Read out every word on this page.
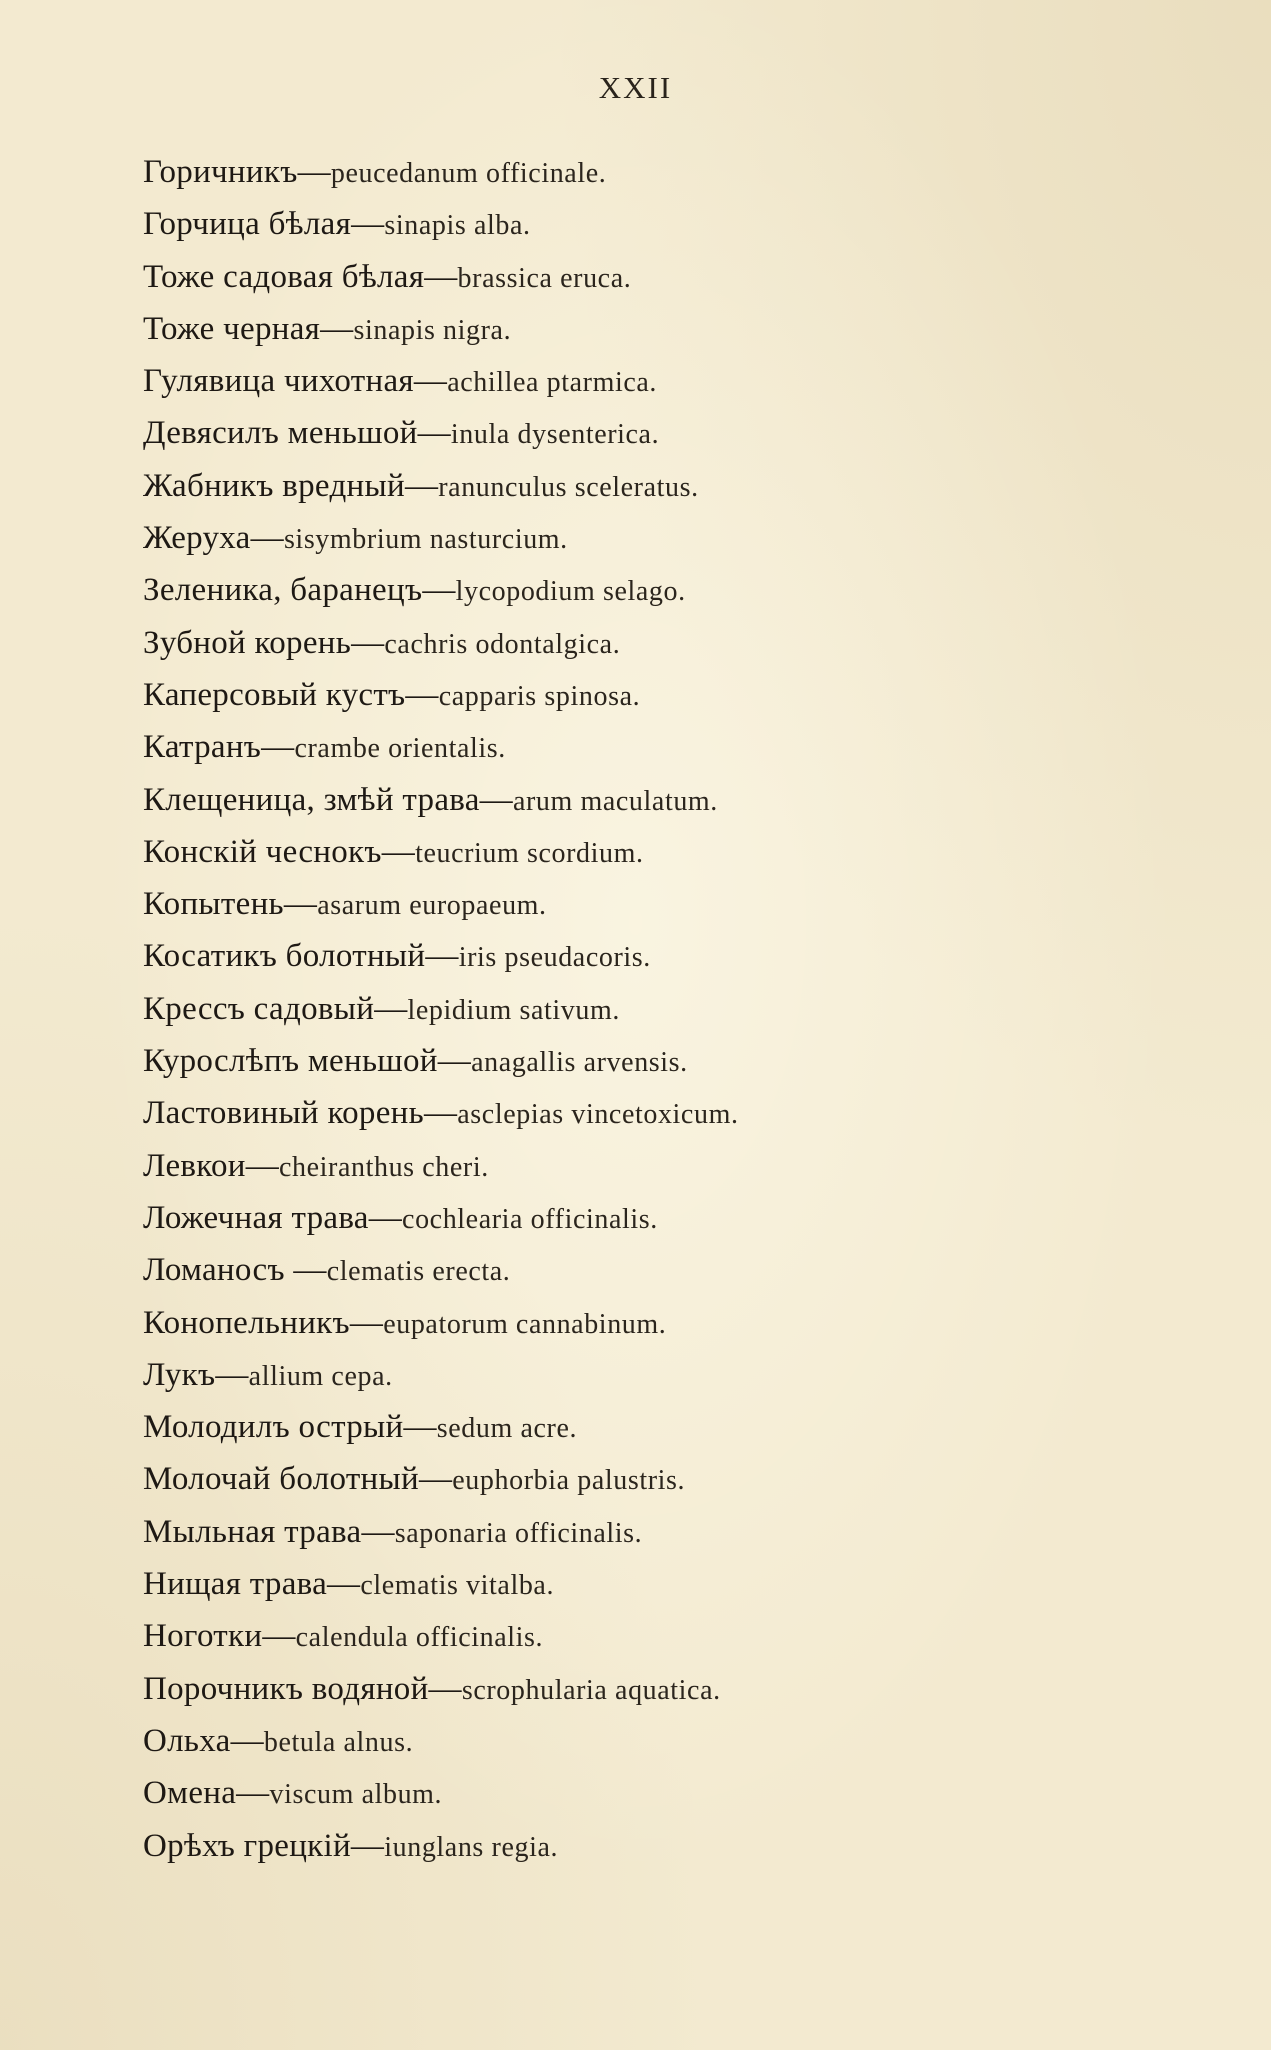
XXII
Горичникъ—peucedanum officinale.
Горчица бѣлая—sinapis alba.
Тоже садовая бѣлая—brassica eruca.
Тоже черная—sinapis nigra.
Гулявица чихотная—achillea ptarmica.
Девясилъ меньшой—inula dysenterica.
Жабникъ вредный—ranunculus sceleratus.
Жеруха—sisymbrium nasturcium.
Зеленика, баранецъ—lycopodium selago.
Зубной корень—cachris odontalgica.
Каперсовый кустъ—capparis spinosa.
Катранъ—crambe orientalis.
Клещеница, змѣй трава—arum maculatum.
Конскій чеснокъ—teucrium scordium.
Копытень—asarum europaeum.
Косатикъ болотный—iris pseudacoris.
Крессъ садовый—lepidium sativum.
Курослѣпъ меньшой—anagallis arvensis.
Ластовиный корень—asclepias vincetoxicum.
Левкои—cheiranthus cheri.
Ложечная трава—cochlearia officinalis.
Ломаносъ —clematis erecta.
Конопельникъ—eupatorum cannabinum.
Лукъ—allium cepa.
Молодилъ острый—sedum acre.
Молочай болотный—euphorbia palustris.
Мыльная трава—saponaria officinalis.
Нищая трава—clematis vitalba.
Ноготки—calendula officinalis.
Порочникъ водяной—scrophularia aquatica.
Ольха—betula alnus.
Омена—viscum album.
Орѣхъ грецкій—iunglans regia.
